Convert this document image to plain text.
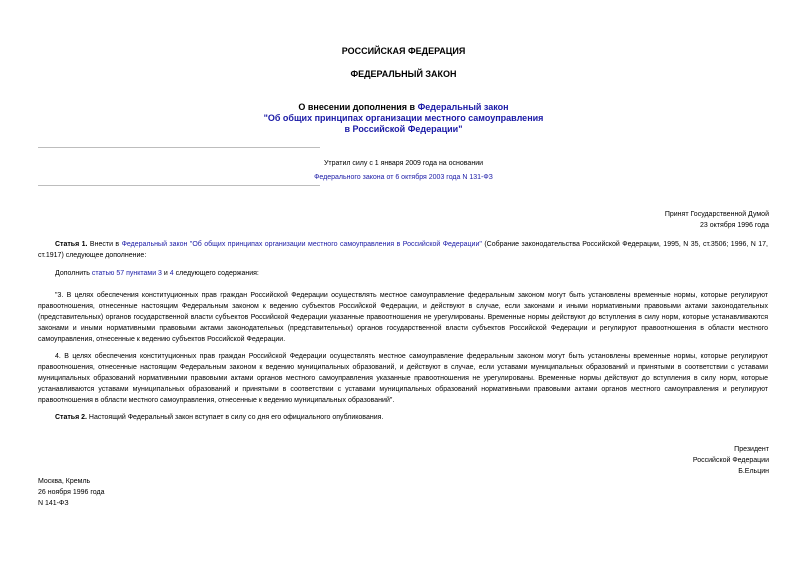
РОССИЙСКАЯ ФЕДЕРАЦИЯ
ФЕДЕРАЛЬНЫЙ ЗАКОН
О внесении дополнения в Федеральный закон
"Об общих принципах организации местного самоуправления
в Российской Федерации"
Утратил силу с 1 января 2009 года на основании
Федерального закона от 6 октября 2003 года N 131-ФЗ
Принят Государственной Думой
23 октября 1996 года
Статья 1. Внести в Федеральный закон "Об общих принципах организации местного самоуправления в Российской Федерации" (Собрание законодательства Российской Федерации, 1995, N 35, ст.3506; 1996, N 17, ст.1917) следующее дополнение:
Дополнить статью 57 пунктами 3 и 4 следующего содержания:
"3. В целях обеспечения конституционных прав граждан Российской Федерации осуществлять местное самоуправление федеральным законом могут быть установлены временные нормы, которые регулируют правоотношения, отнесенные настоящим Федеральным законом к ведению субъектов Российской Федерации, и действуют в случае, если законами и иными нормативными правовыми актами законодательных (представительных) органов государственной власти субъектов Российской Федерации указанные правоотношения не урегулированы. Временные нормы действуют до вступления в силу норм, которые устанавливаются законами и иными нормативными правовыми актами законодательных (представительных) органов государственной власти субъектов Российской Федерации и регулируют правоотношения в области местного самоуправления, отнесенные к ведению субъектов Российской Федерации.
4. В целях обеспечения конституционных прав граждан Российской Федерации осуществлять местное самоуправление федеральным законом могут быть установлены временные нормы, которые регулируют правоотношения, отнесенные настоящим Федеральным законом к ведению муниципальных образований, и действуют в случае, если уставами муниципальных образований и принятыми в соответствии с уставами муниципальных образований нормативными правовыми актами органов местного самоуправления указанные правоотношения не урегулированы. Временные нормы действуют до вступления в силу норм, которые устанавливаются уставами муниципальных образований и принятыми в соответствии с уставами муниципальных образований нормативными правовыми актами органов местного самоуправления и регулируют правоотношения в области местного самоуправления, отнесенные к ведению муниципальных образований".
Статья 2. Настоящий Федеральный закон вступает в силу со дня его официального опубликования.
Президент
Российской Федерации
Б.Ельцин
Москва, Кремль
26 ноября 1996 года
N 141-ФЗ
